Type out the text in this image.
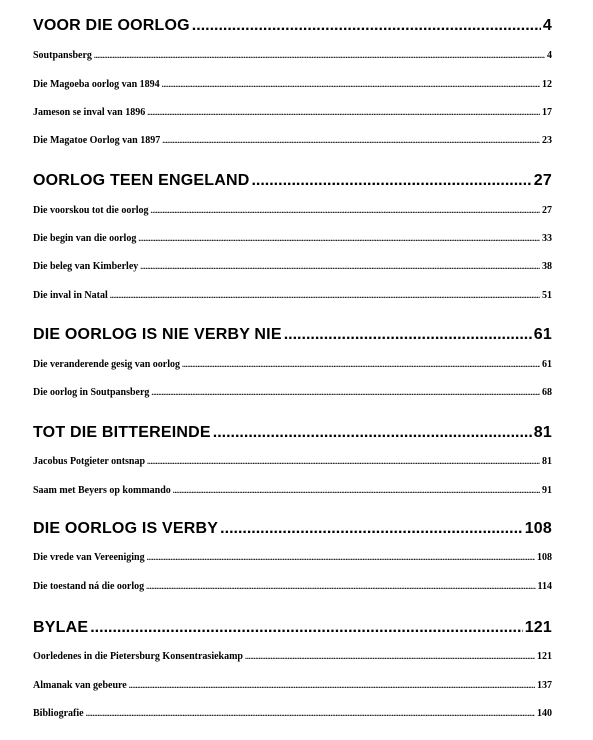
VOOR DIE OORLOG .....	4
Soutpansberg .....	4
Die Magoeba oorlog van 1894 .....	12
Jameson se inval van 1896 .....	17
Die Magatoe Oorlog van 1897 .....	23
OORLOG TEEN ENGELAND .....	27
Die voorskou tot die oorlog .....	27
Die begin van die oorlog .....	33
Die beleg van Kimberley .....	38
Die inval in Natal .....	51
DIE OORLOG IS NIE VERBY NIE .....	61
Die veranderende gesig van oorlog .....	61
Die oorlog in Soutpansberg .....	68
TOT DIE BITTEREINDE .....	81
Jacobus Potgieter ontsnap .....	81
Saam met Beyers op kommando .....	91
DIE OORLOG IS VERBY .....	108
Die vrede van Vereeniging .....	108
Die toestand ná die oorlog .....	114
BYLAE .....	121
Oorledenes in die Pietersburg Konsentrasiekamp .....	121
Almanak van gebeure .....	137
Bibliografie .....	140
